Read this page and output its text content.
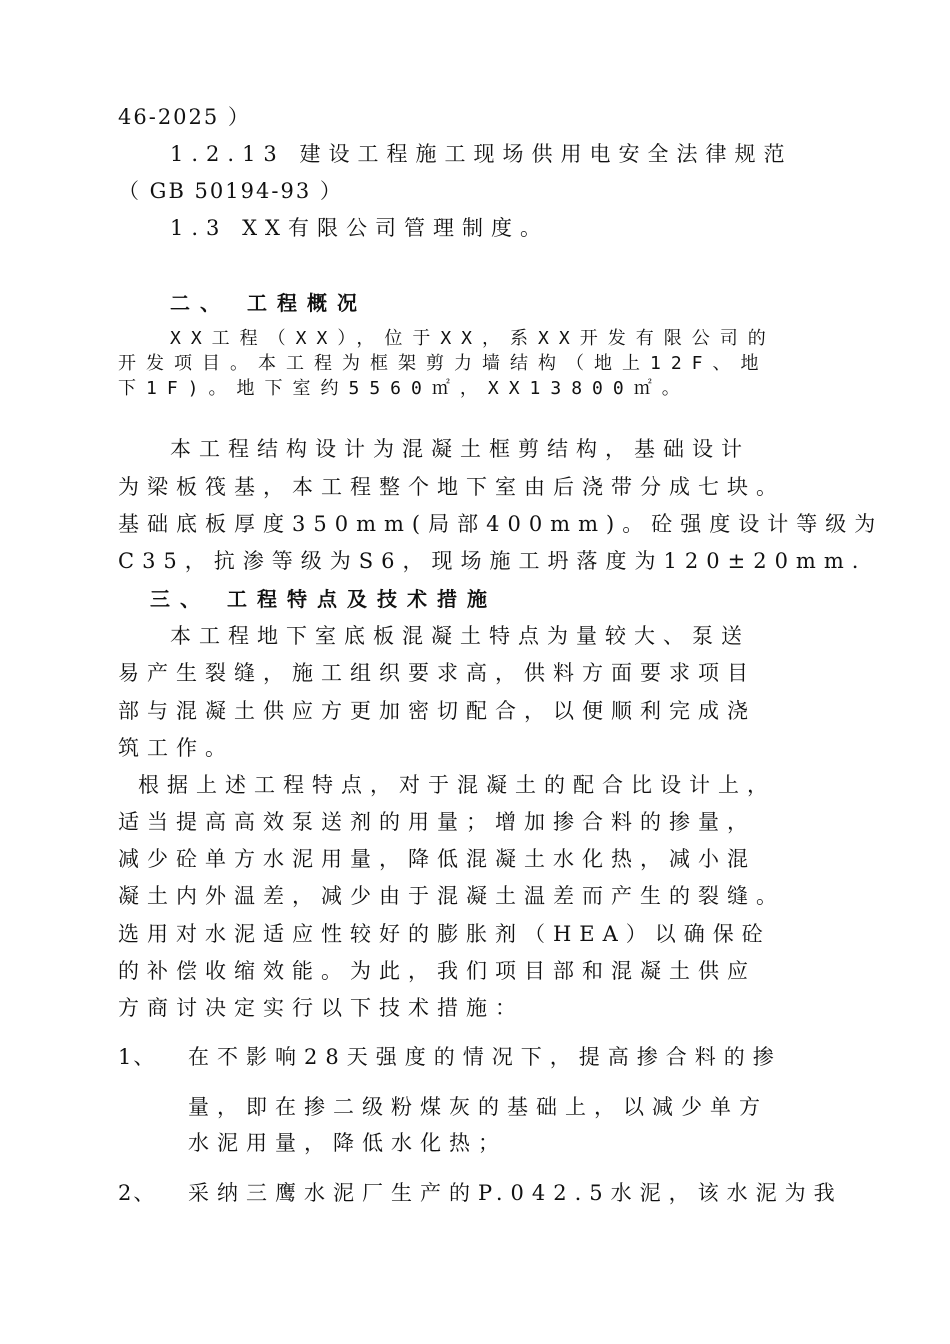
46-2025 ）
1.2.13 建设工程施工现场供用电安全法律规范
（ GB 50194-93 ）
1.3 XX有限公司管理制度。
二、 工程概况
XX工程（XX），位于XX，系XX开发有限公司的
开发项目。本工程为框架剪力墙结构（地上12F、地
下1F)。地下室约5560㎡，XX13800㎡。
本工程结构设计为混凝土框剪结构，基础设计
为梁板筏基，本工程整个地下室由后浇带分成七块。
基础底板厚度350mm(局部400mm)。砼强度设计等级为
C35，抗渗等级为S6，现场施工坍落度为120±20mm.
三、 工程特点及技术措施
本工程地下室底板混凝土特点为量较大、泵送
易产生裂缝，施工组织要求高，供料方面要求项目
部与混凝土供应方更加密切配合，以便顺利完成浇
筑工作。
根据上述工程特点，对于混凝土的配合比设计上，
适当提高高效泵送剂的用量；增加掺合料的掺量，
减少砼单方水泥用量，降低混凝土水化热，减小混
凝土内外温差，减少由于混凝土温差而产生的裂缝。
选用对水泥适应性较好的膨胀剂（HEA）以确保砼
的补偿收缩效能。为此，我们项目部和混凝土供应
方商讨决定实行以下技术措施：
1、 在不影响28天强度的情况下，提高掺合料的掺
量，即在掺二级粉煤灰的基础上，以减少单方
水泥用量，降低水化热；
2、 采纳三鹰水泥厂生产的P.042.5水泥，该水泥为我
